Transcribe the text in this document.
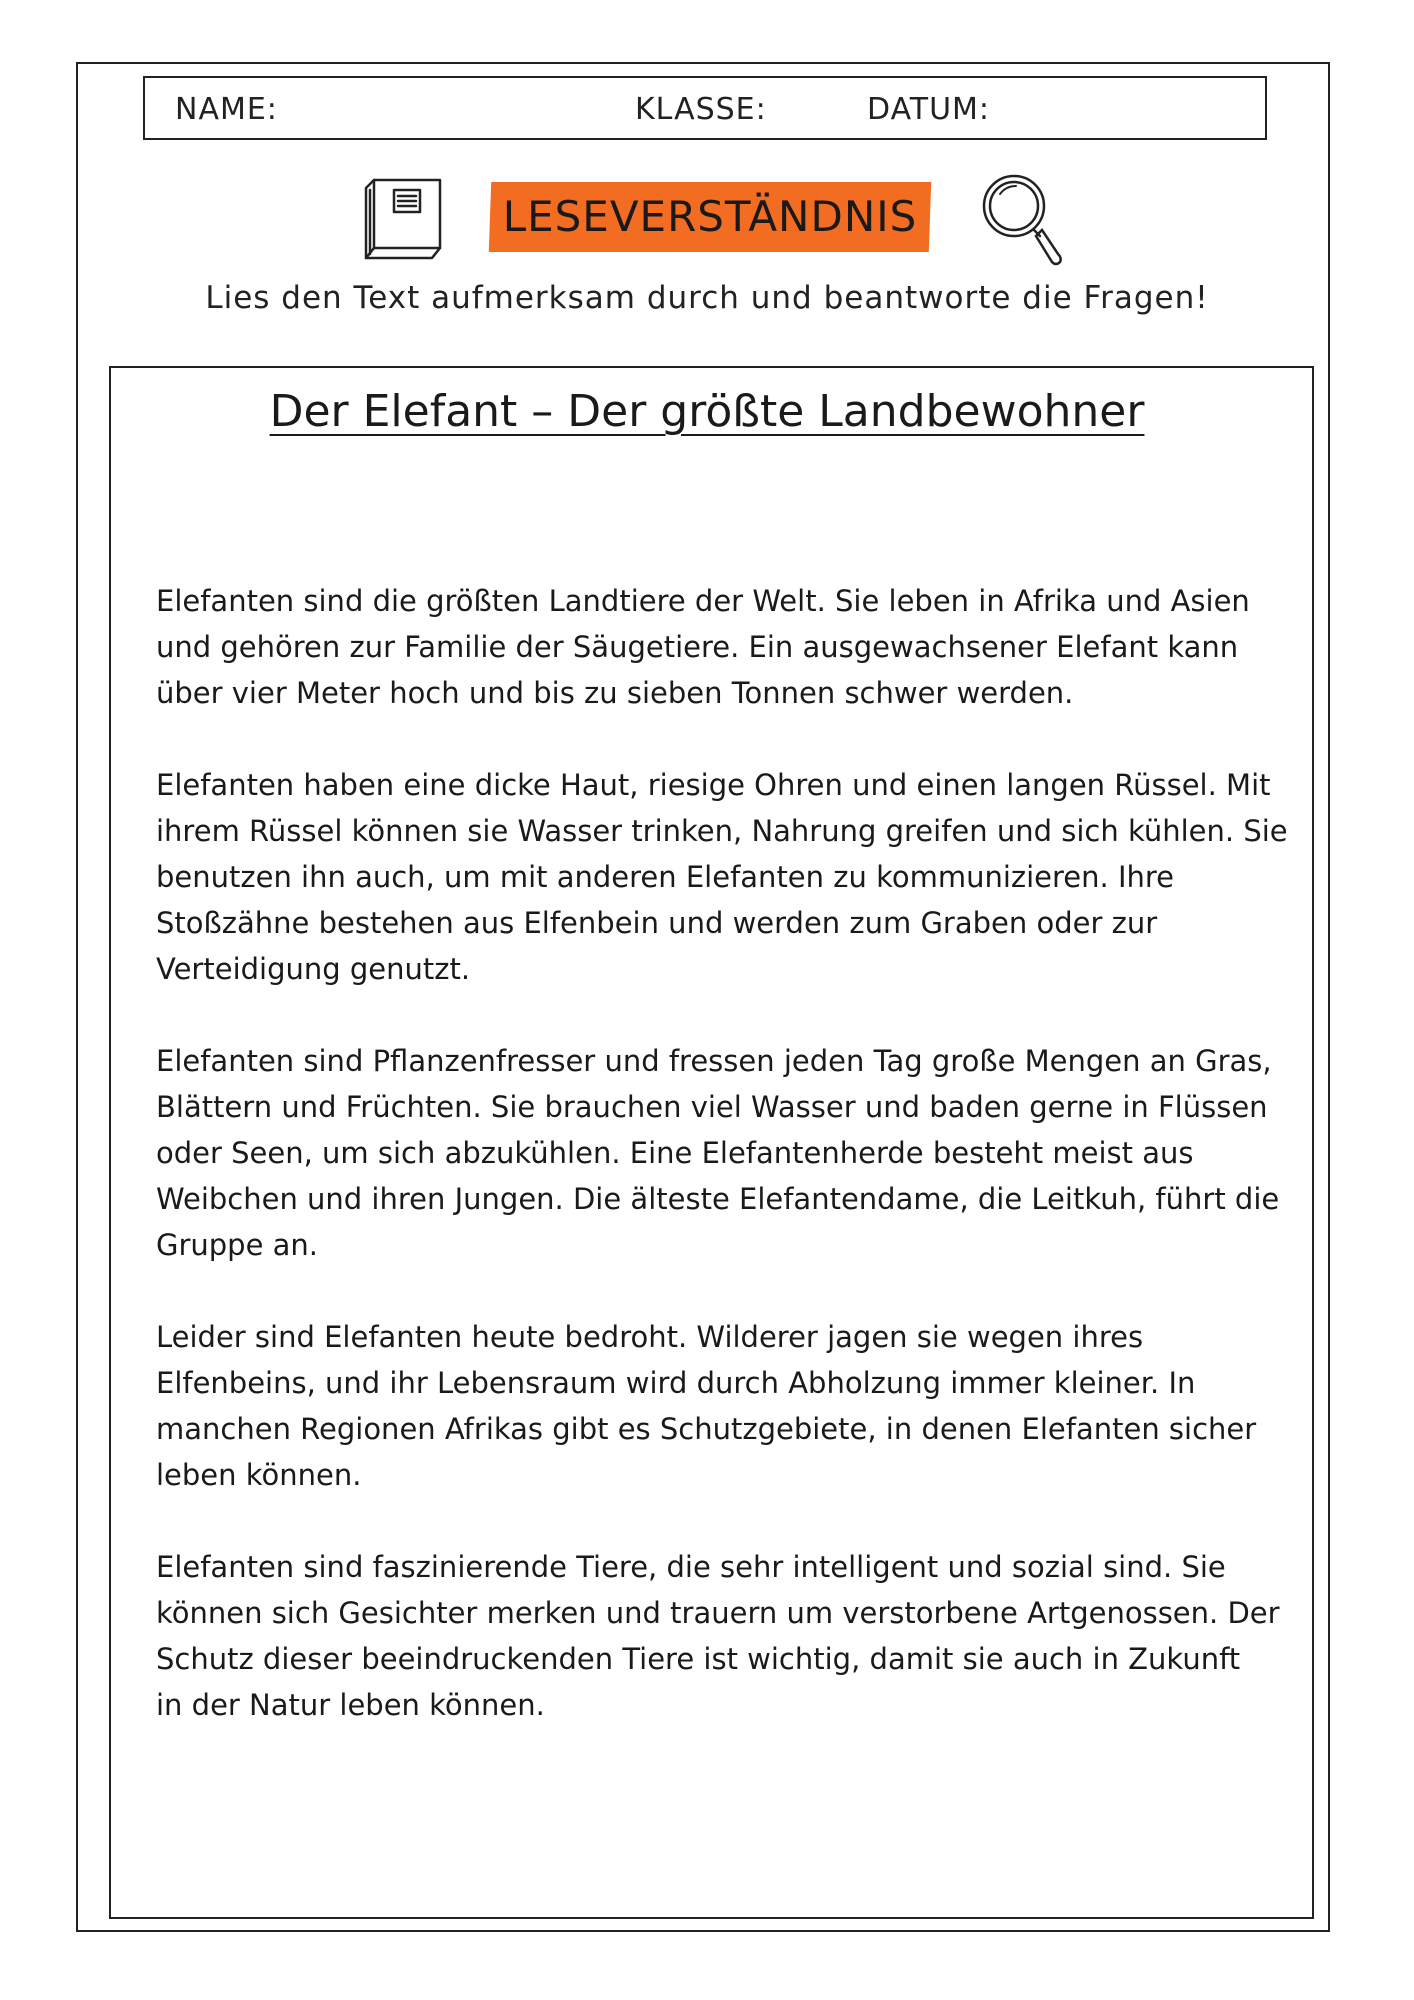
NAME:	KLASSE:	DATUM:
LESEVERSTÄNDNIS
Lies den Text aufmerksam durch und beantworte die Fragen!
Der Elefant – Der größte Landbewohner
Elefanten sind die größten Landtiere der Welt. Sie leben in Afrika und Asien
und gehören zur Familie der Säugetiere. Ein ausgewachsener Elefant kann
über vier Meter hoch und bis zu sieben Tonnen schwer werden.
Elefanten haben eine dicke Haut, riesige Ohren und einen langen Rüssel. Mit
ihrem Rüssel können sie Wasser trinken, Nahrung greifen und sich kühlen. Sie
benutzen ihn auch, um mit anderen Elefanten zu kommunizieren. Ihre
Stoßzähne bestehen aus Elfenbein und werden zum Graben oder zur
Verteidigung genutzt.
Elefanten sind Pflanzenfresser und fressen jeden Tag große Mengen an Gras,
Blättern und Früchten. Sie brauchen viel Wasser und baden gerne in Flüssen
oder Seen, um sich abzukühlen. Eine Elefantenherde besteht meist aus
Weibchen und ihren Jungen. Die älteste Elefantendame, die Leitkuh, führt die
Gruppe an.
Leider sind Elefanten heute bedroht. Wilderer jagen sie wegen ihres
Elfenbeins, und ihr Lebensraum wird durch Abholzung immer kleiner. In
manchen Regionen Afrikas gibt es Schutzgebiete, in denen Elefanten sicher
leben können.
Elefanten sind faszinierende Tiere, die sehr intelligent und sozial sind. Sie
können sich Gesichter merken und trauern um verstorbene Artgenossen. Der
Schutz dieser beeindruckenden Tiere ist wichtig, damit sie auch in Zukunft
in der Natur leben können.
